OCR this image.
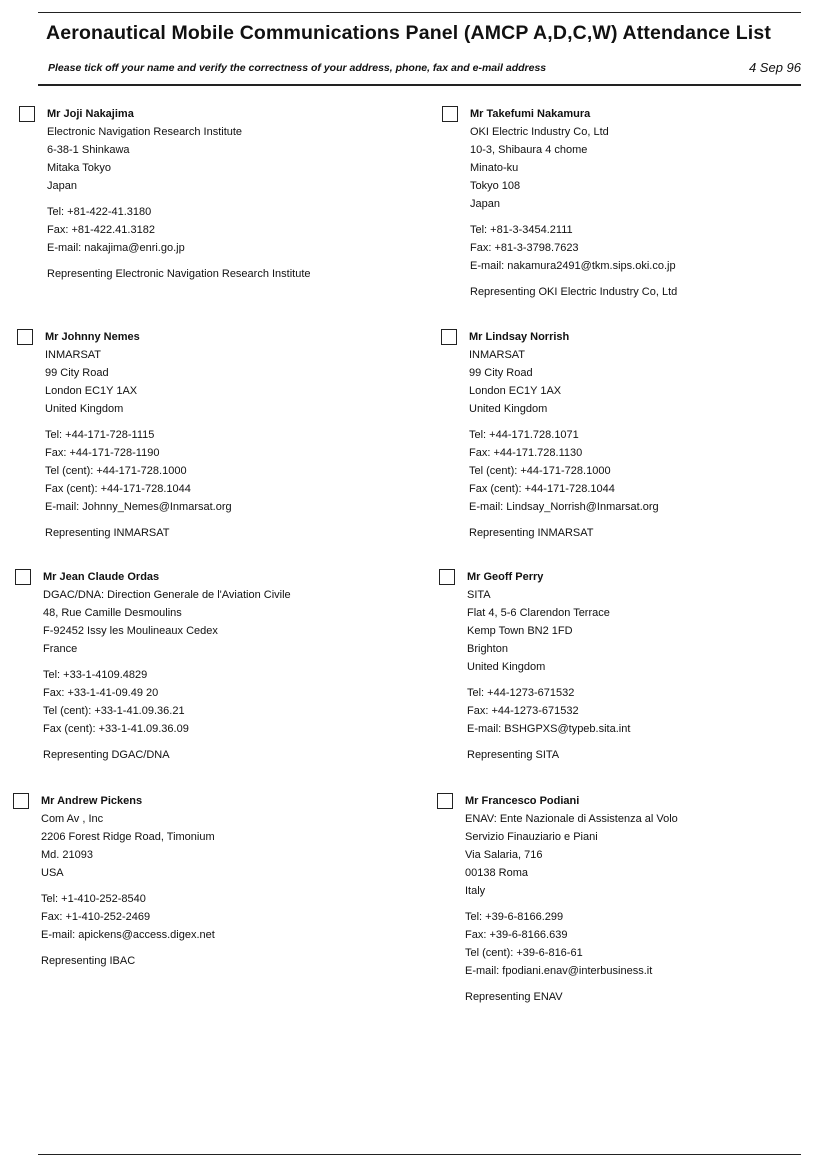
Aeronautical Mobile Communications Panel (AMCP A,D,C,W) Attendance List
Please tick off your name and verify the correctness of your address, phone, fax and e-mail address	4 Sep 96
Mr Joji Nakajima
Electronic Navigation Research Institute
6-38-1 Shinkawa
Mitaka Tokyo
Japan
Tel: +81-422-41.3180
Fax: +81-422.41.3182
E-mail: nakajima@enri.go.jp
Representing Electronic Navigation Research Institute
Mr Takefumi Nakamura
OKI Electric Industry Co, Ltd
10-3, Shibaura 4 chome
Minato-ku
Tokyo 108
Japan
Tel: +81-3-3454.2111
Fax: +81-3-3798.7623
E-mail: nakamura2491@tkm.sips.oki.co.jp
Representing OKI Electric Industry Co, Ltd
Mr Johnny Nemes
INMARSAT
99 City Road
London EC1Y 1AX
United Kingdom
Tel: +44-171-728-1115
Fax: +44-171-728-1190
Tel (cent): +44-171-728.1000
Fax (cent): +44-171-728.1044
E-mail: Johnny_Nemes@Inmarsat.org
Representing INMARSAT
Mr Lindsay Norrish
INMARSAT
99 City Road
London EC1Y 1AX
United Kingdom
Tel: +44-171.728.1071
Fax: +44-171.728.1130
Tel (cent): +44-171-728.1000
Fax (cent): +44-171-728.1044
E-mail: Lindsay_Norrish@Inmarsat.org
Representing INMARSAT
Mr Jean Claude Ordas
DGAC/DNA: Direction Generale de l'Aviation Civile
48, Rue Camille Desmoulins
F-92452 Issy les Moulineaux Cedex
France
Tel: +33-1-4109.4829
Fax: +33-1-41-09.49 20
Tel (cent): +33-1-41.09.36.21
Fax (cent): +33-1-41.09.36.09
Representing DGAC/DNA
Mr Geoff Perry
SITA
Flat 4, 5-6 Clarendon Terrace
Kemp Town BN2 1FD
Brighton
United Kingdom
Tel: +44-1273-671532
Fax: +44-1273-671532
E-mail: BSHGPXS@typeb.sita.int
Representing SITA
Mr Andrew Pickens
Com Av , Inc
2206 Forest Ridge Road, Timonium
Md. 21093
USA
Tel: +1-410-252-8540
Fax: +1-410-252-2469
E-mail: apickens@access.digex.net
Representing IBAC
Mr Francesco Podiani
ENAV: Ente Nazionale di Assistenza al Volo
Servizio Finauziario e Piani
Via Salaria, 716
00138 Roma
Italy
Tel: +39-6-8166.299
Fax: +39-6-8166.639
Tel (cent): +39-6-816-61
E-mail: fpodiani.enav@interbusiness.it
Representing ENAV
